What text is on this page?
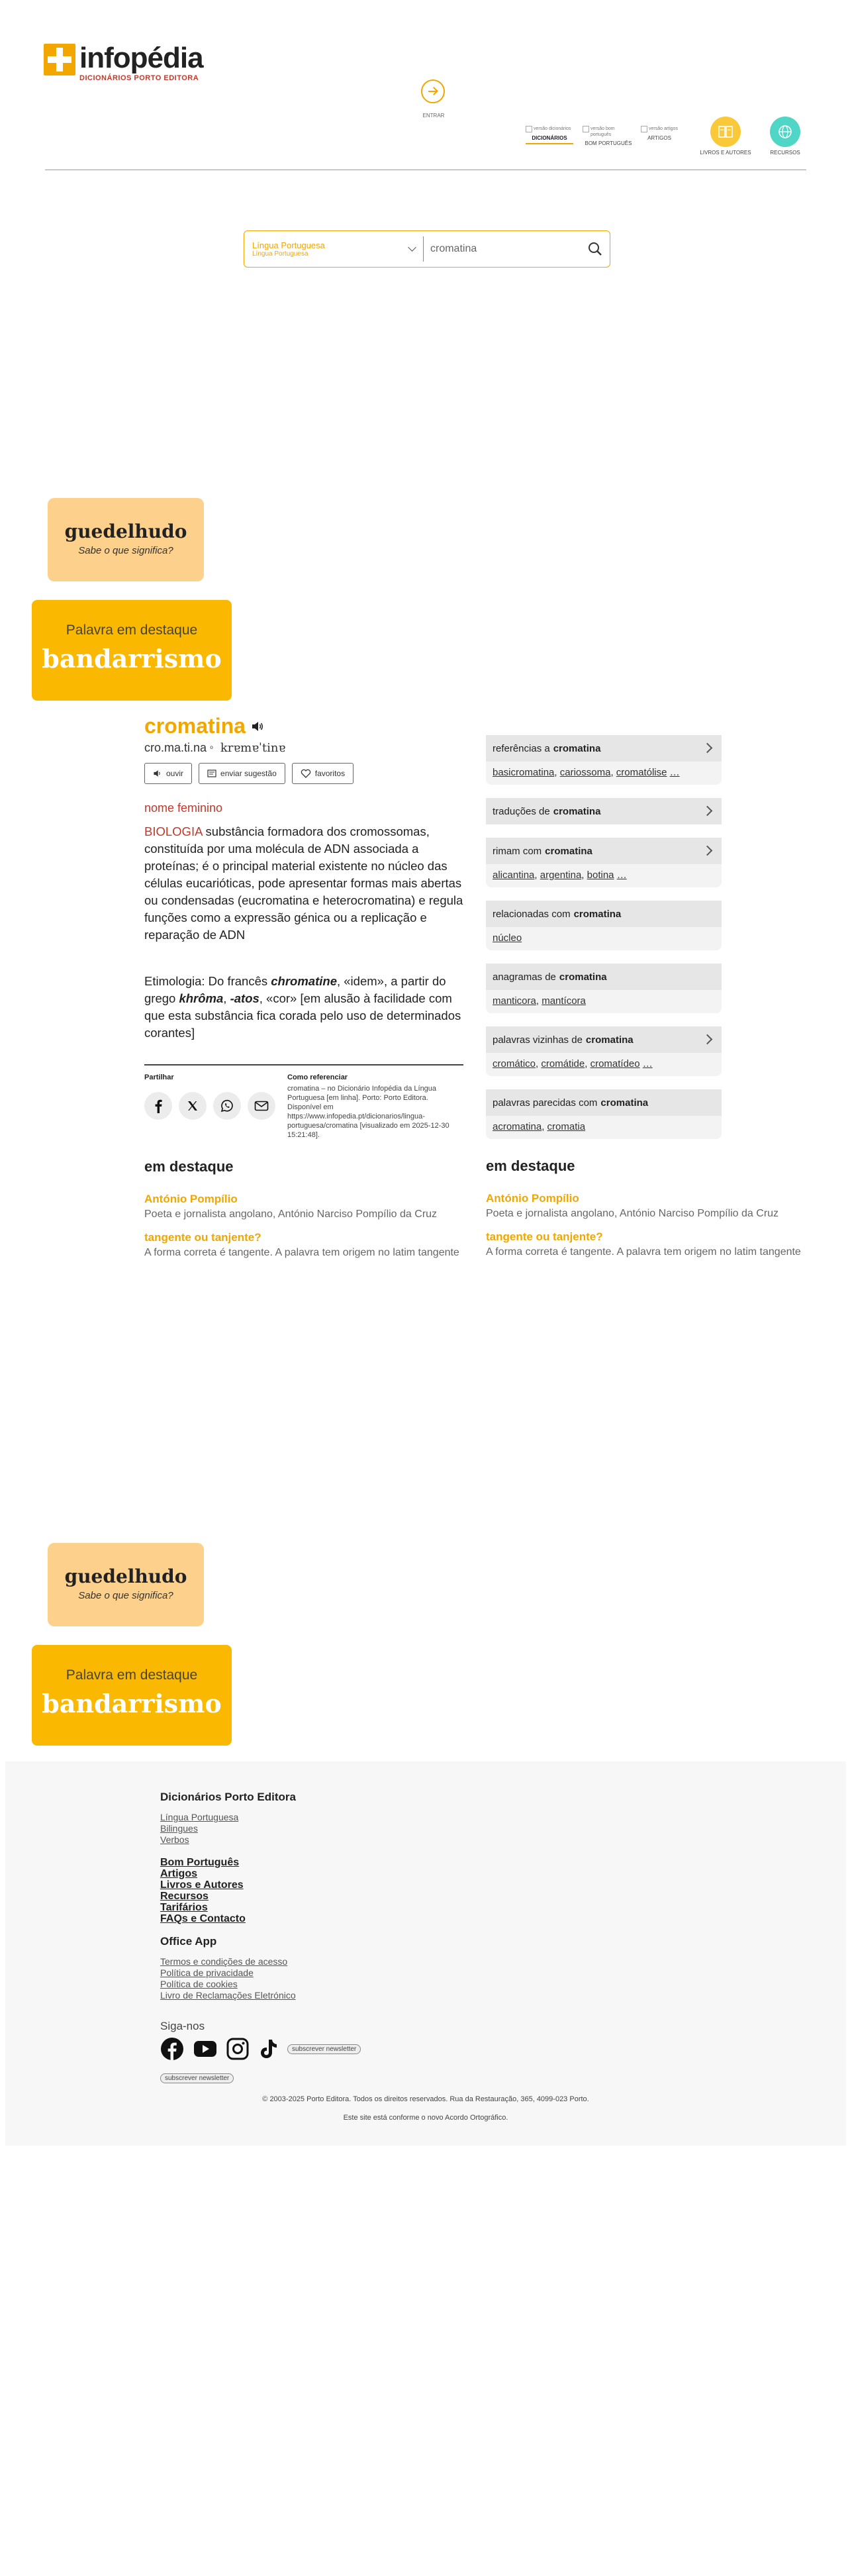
infopédia
DICIONÁRIOS PORTO EDITORA
ENTRAR
versão dicionários
DICIONÁRIOS
versão bom português
BOM PORTUGUÊS
versão artigos
ARTIGOS
LIVROS E AUTORES	RECURSOS
Língua Portuguesa
Língua Portuguesa
cromatina
guedelhudo
Sabe o que significa?
Palavra em destaque
bandarrismo
cromatina
cro.ma.ti.na ⁰ krɐmɐˈtinɐ
ouvir	enviar sugestão	favoritos
nome feminino
BIOLOGIA substância formadora dos cromossomas, constituída por uma molécula de ADN associada a proteínas; é o principal material existente no núcleo das células eucarióticas, pode apresentar formas mais abertas ou condensadas (eucromatina e heterocromatina) e regula funções como a expressão génica ou a replicação e reparação de ADN
Etimologia: Do francês chromatine, «idem», a partir do grego khrôma, -atos, «cor» [em alusão à facilidade com que esta substância fica corada pelo uso de determinados corantes]
Partilhar	Como referenciar
cromatina – no Dicionário Infopédia da Língua Portuguesa [em linha]. Porto: Porto Editora. Disponível em https://www.infopedia.pt/dicionarios/lingua-portuguesa/cromatina [visualizado em 2025-12-30 15:21:48].
em destaque
António Pompílio
Poeta e jornalista angolano, António Narciso Pompílio da Cruz
tangente ou tanjente?
A forma correta é tangente. A palavra tem origem no latim tangente
referências a cromatina
basicromatina, cariossoma, cromatólise …
traduções de cromatina
rimam com cromatina
alicantina, argentina, botina …
relacionadas com cromatina
núcleo
anagramas de cromatina
manticora, mantícora
palavras vizinhas de cromatina
cromático, cromátide, cromatídeo …
palavras parecidas com cromatina
acromatina, cromatia
em destaque
António Pompílio
Poeta e jornalista angolano, António Narciso Pompílio da Cruz
tangente ou tanjente?
A forma correta é tangente. A palavra tem origem no latim tangente
guedelhudo
Sabe o que significa?
Palavra em destaque
bandarrismo
Dicionários Porto Editora
Língua Portuguesa
Bilingues
Verbos
Bom Português
Artigos
Livros e Autores
Recursos
Tarifários
FAQs e Contacto
Office App
Termos e condições de acesso
Política de privacidade
Política de cookies
Livro de Reclamações Eletrónico
Siga-nos
subscrever newsletter
subscrever newsletter
© 2003-2025 Porto Editora. Todos os direitos reservados. Rua da Restauração, 365, 4099-023 Porto.
Este site está conforme o novo Acordo Ortográfico.
